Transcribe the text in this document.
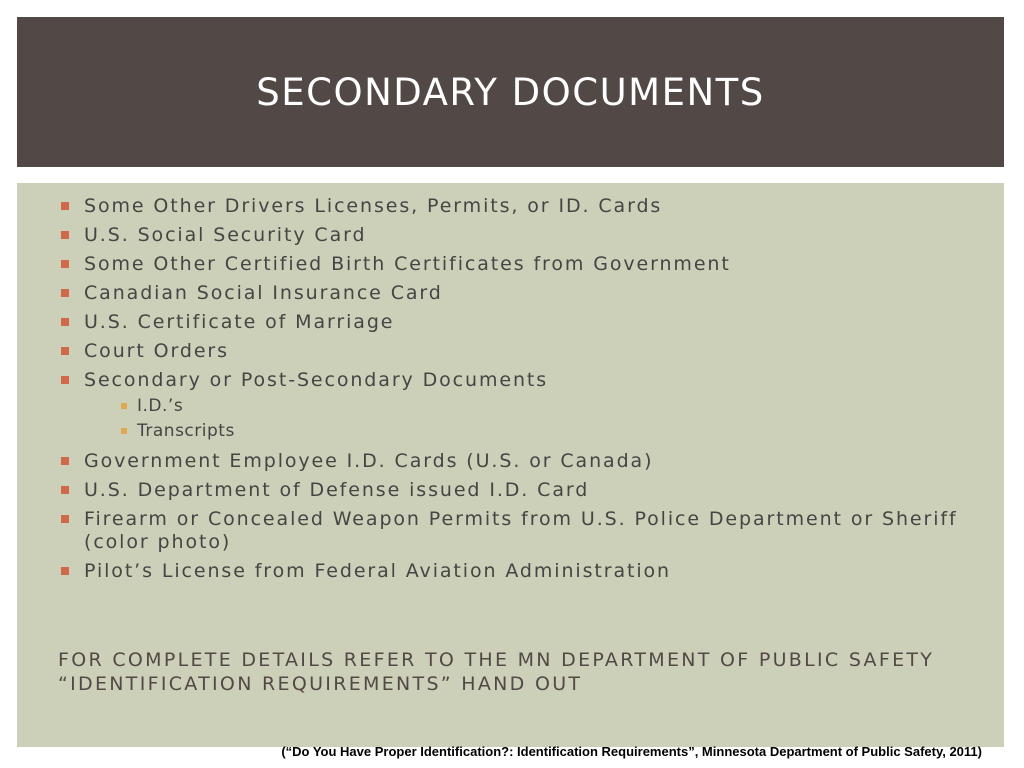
SECONDARY DOCUMENTS
Some Other Drivers Licenses, Permits, or ID. Cards
U.S. Social Security Card
Some Other Certified Birth Certificates from Government
Canadian Social Insurance Card
U.S. Certificate of Marriage
Court Orders
Secondary or Post-Secondary Documents
I.D.’s
Transcripts
Government Employee I.D. Cards (U.S. or Canada)
U.S. Department of Defense issued I.D. Card
Firearm or Concealed Weapon Permits from U.S. Police Department or Sheriff (color photo)
Pilot’s License from Federal Aviation Administration

FOR COMPLETE DETAILS REFER TO THE MN DEPARTMENT OF PUBLIC SAFETY “IDENTIFICATION REQUIREMENTS” HAND OUT

(“Do You Have Proper Identification?: Identification Requirements”, Minnesota Department of Public Safety, 2011)
